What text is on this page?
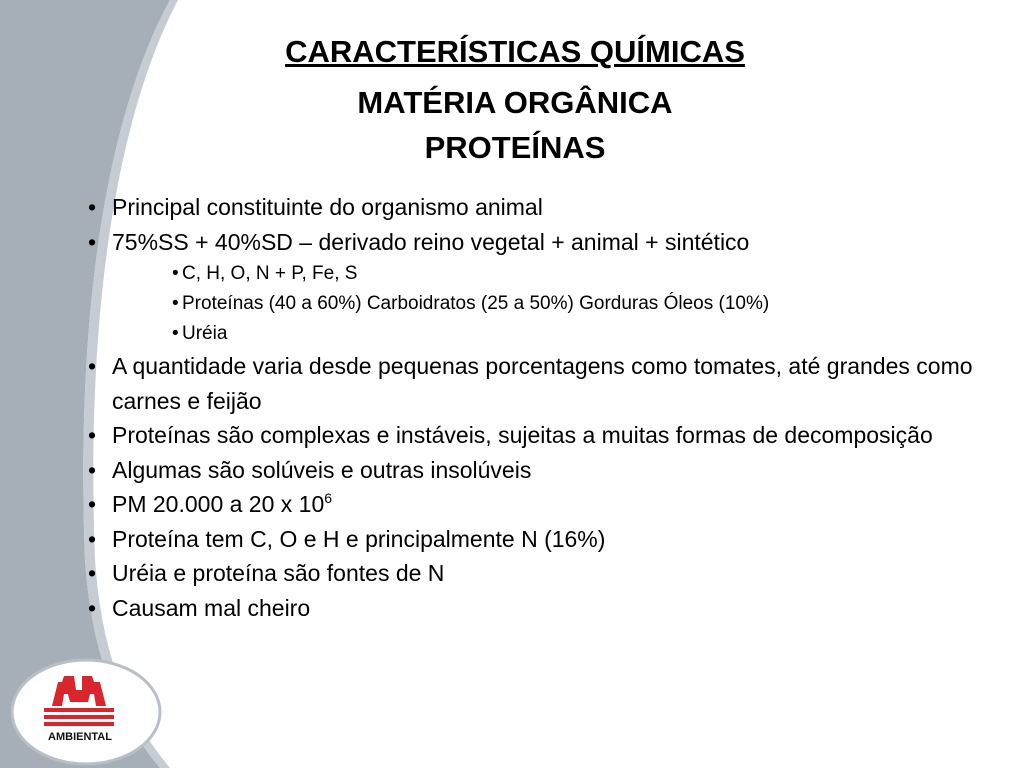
AMBIENTAL
CARACTERÍSTICAS QUÍMICAS
MATÉRIA ORGÂNICA
PROTEÍNAS
• Principal constituinte do organismo animal
• 75%SS + 40%SD – derivado reino vegetal + animal + sintético
• C, H, O, N + P, Fe, S
• Proteínas (40 a 60%) Carboidratos (25 a 50%) Gorduras Óleos (10%)
• Uréia
• A quantidade varia desde pequenas porcentagens como tomates, até grandes como carnes e feijão
• Proteínas são complexas e instáveis, sujeitas a muitas formas de decomposição
• Algumas são solúveis e outras insolúveis
• PM 20.000 a 20 x $10^6$
• Proteína tem C, O e H e principalmente N (16%)
• Uréia e proteína são fontes de N
• Causam mal cheiro
